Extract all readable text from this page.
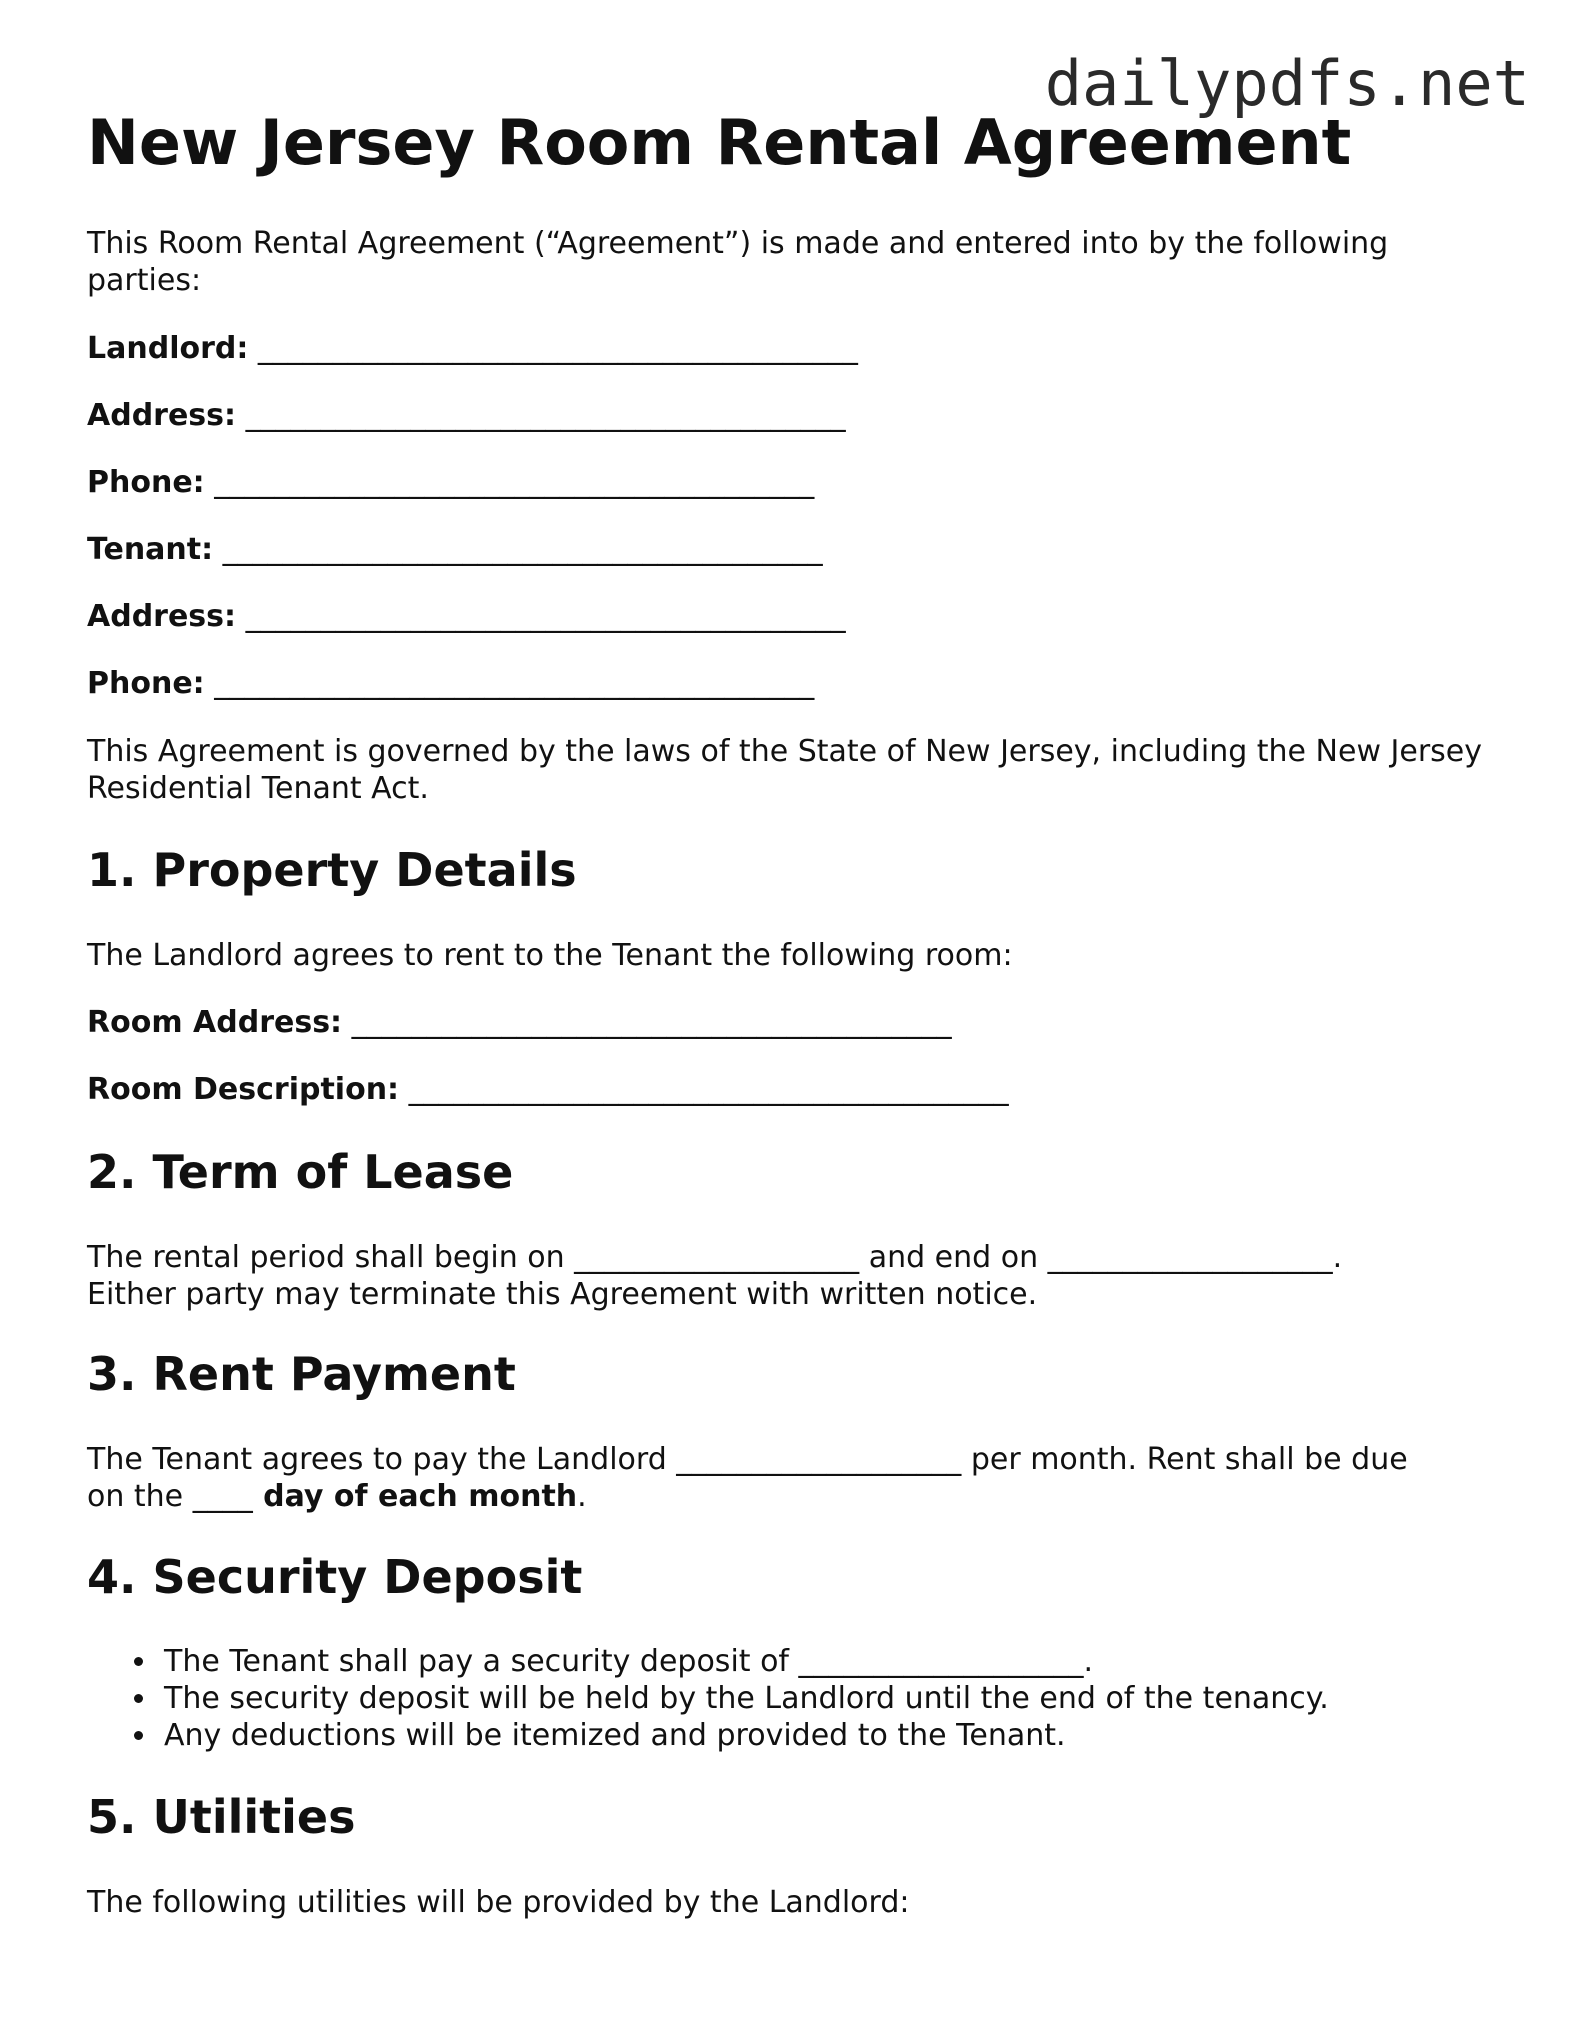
dailypdfs.net
New Jersey Room Rental Agreement

This Room Rental Agreement (“Agreement”) is made and entered into by the following parties:

Landlord: ________________________________________

Address: ________________________________________

Phone: ________________________________________

Tenant: ________________________________________

Address: ________________________________________

Phone: ________________________________________

This Agreement is governed by the laws of the State of New Jersey, including the New Jersey Residential Tenant Act.

1. Property Details

The Landlord agrees to rent to the Tenant the following room:

Room Address: ________________________________________

Room Description: ________________________________________

2. Term of Lease

The rental period shall begin on ___________________ and end on ___________________.
Either party may terminate this Agreement with written notice.

3. Rent Payment

The Tenant agrees to pay the Landlord ___________________ per month. Rent shall be due
on the ____ day of each month.

4. Security Deposit
The Tenant shall pay a security deposit of ___________________.
The security deposit will be held by the Landlord until the end of the tenancy.
Any deductions will be itemized and provided to the Tenant.
5. Utilities

The following utilities will be provided by the Landlord:
